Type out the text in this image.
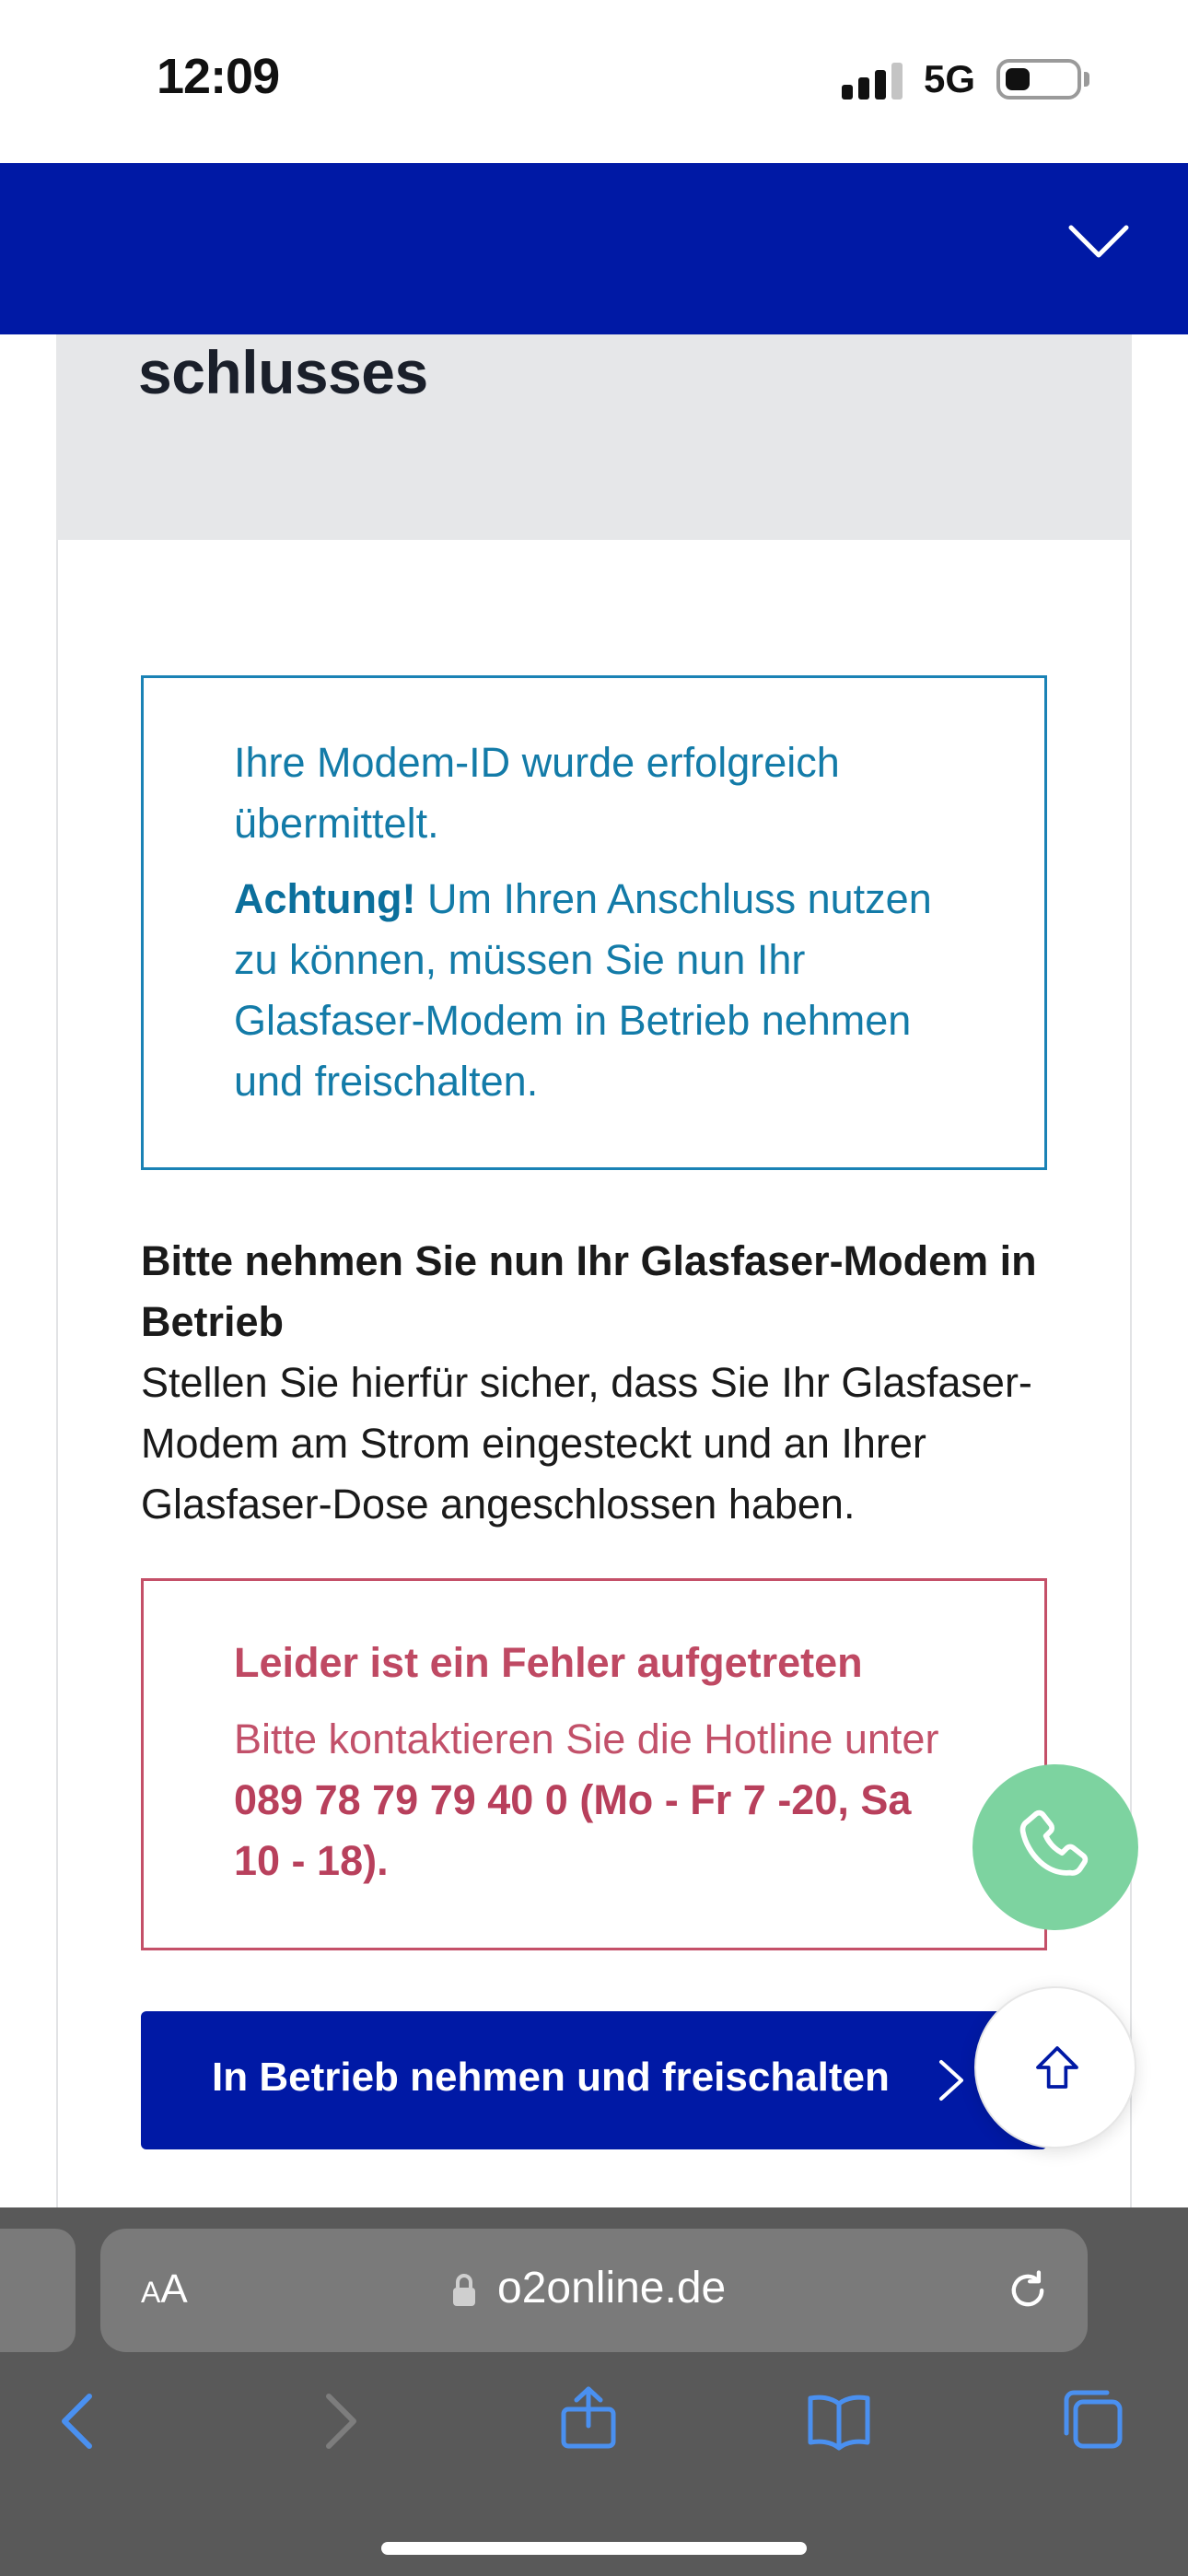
12:09	5G
schlusses
Ihre Modem-ID wurde erfolgreich übermittelt.
Achtung! Um Ihren Anschluss nutzen zu können, müssen Sie nun Ihr Glasfaser-Modem in Betrieb nehmen und freischalten.
Bitte nehmen Sie nun Ihr Glasfaser-Modem in Betrieb
Stellen Sie hierfür sicher, dass Sie Ihr Glasfaser-Modem am Strom eingesteckt und an Ihrer Glasfaser-Dose angeschlossen haben.
Leider ist ein Fehler aufgetreten
Bitte kontaktieren Sie die Hotline unter 089 78 79 79 40 0 (Mo - Fr 7 -20, Sa 10 - 18).
In Betrieb nehmen und freischalten
AA	o2online.de
